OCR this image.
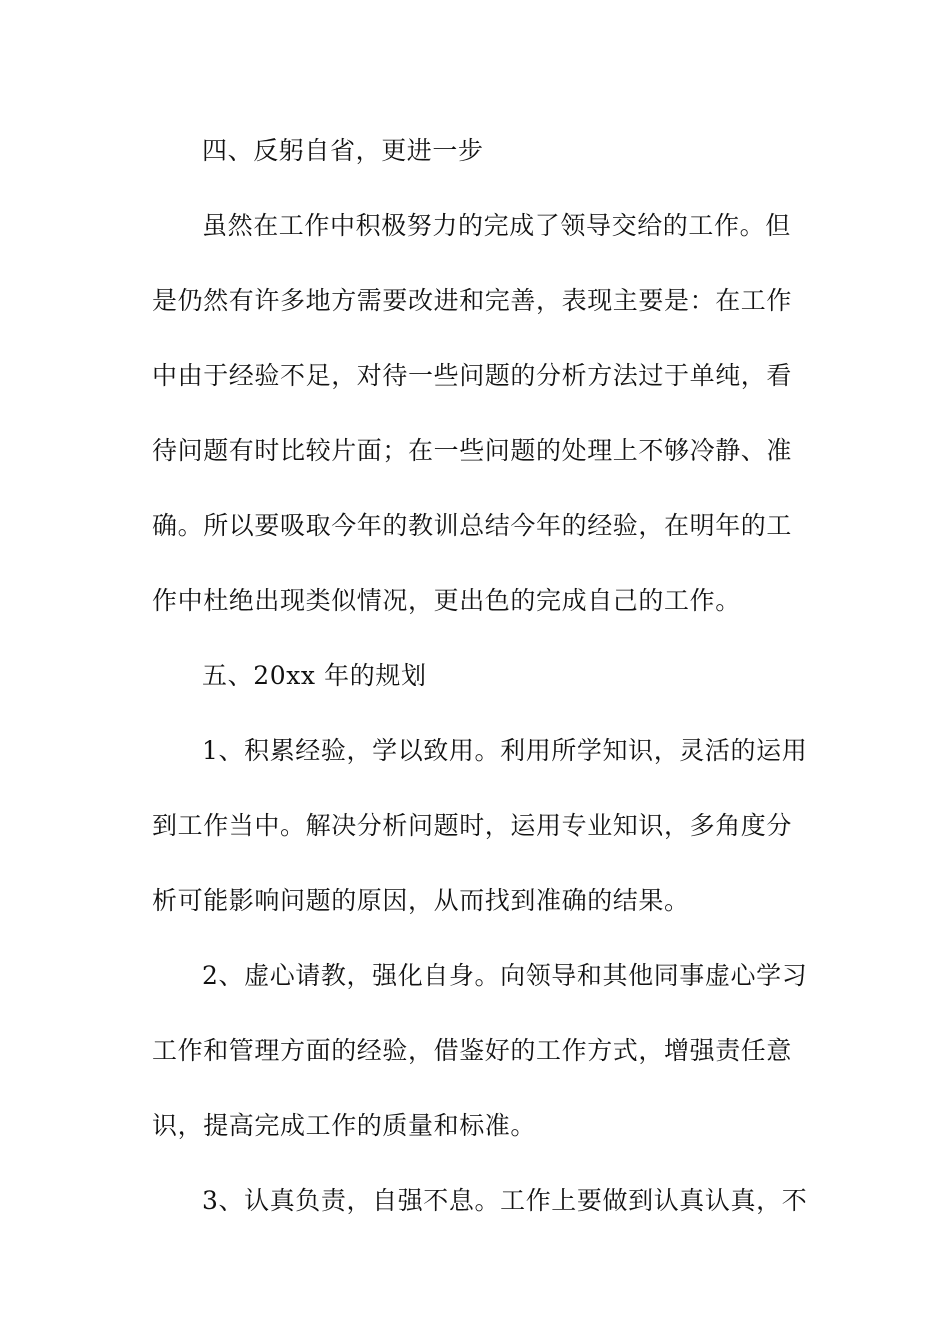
四、反躬自省，更进一步
虽然在工作中积极努力的完成了领导交给的工作。但
是仍然有许多地方需要改进和完善，表现主要是：在工作
中由于经验不足，对待一些问题的分析方法过于单纯，看
待问题有时比较片面；在一些问题的处理上不够冷静、准
确。所以要吸取今年的教训总结今年的经验，在明年的工
作中杜绝出现类似情况，更出色的完成自己的工作。
五、20xx 年的规划
1、积累经验，学以致用。利用所学知识，灵活的运用
到工作当中。解决分析问题时，运用专业知识，多角度分
析可能影响问题的原因，从而找到准确的结果。
2、虚心请教，强化自身。向领导和其他同事虚心学习
工作和管理方面的经验，借鉴好的工作方式，增强责任意
识，提高完成工作的质量和标准。
3、认真负责，自强不息。工作上要做到认真认真，不
